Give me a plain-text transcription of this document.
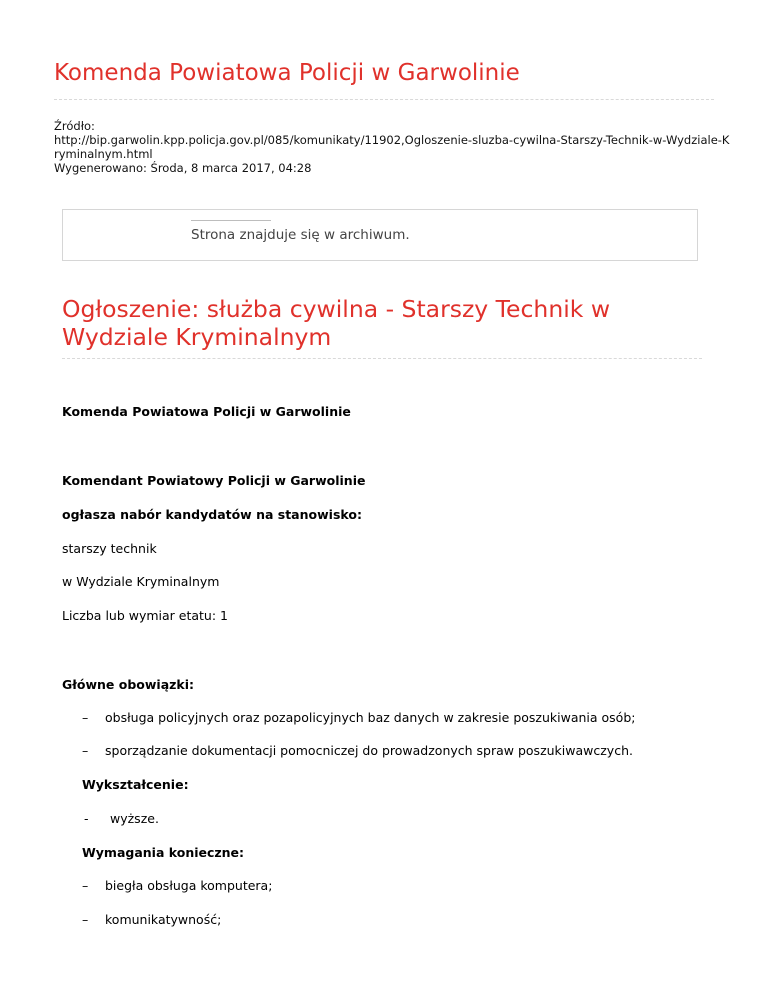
Komenda Powiatowa Policji w Garwolinie
Źródło:
http://bip.garwolin.kpp.policja.gov.pl/085/komunikaty/11902,Ogloszenie-sluzba-cywilna-Starszy-Technik-w-Wydziale-K
ryminalnym.html
Wygenerowano: Środa, 8 marca 2017, 04:28
Strona znajduje się w archiwum.
Ogłoszenie: służba cywilna - Starszy Technik w Wydziale Kryminalnym
Komenda Powiatowa Policji w Garwolinie
Komendant Powiatowy Policji w Garwolinie
ogłasza nabór kandydatów na stanowisko:
starszy technik
w Wydziale Kryminalnym
Liczba lub wymiar etatu: 1
Główne obowiązki:
– obsługa policyjnych oraz pozapolicyjnych baz danych w zakresie poszukiwania osób;
– sporządzanie dokumentacji pomocniczej do prowadzonych spraw poszukiwawczych.
Wykształcenie:
- wyższe.
Wymagania konieczne:
– biegła obsługa komputera;
– komunikatywność;
